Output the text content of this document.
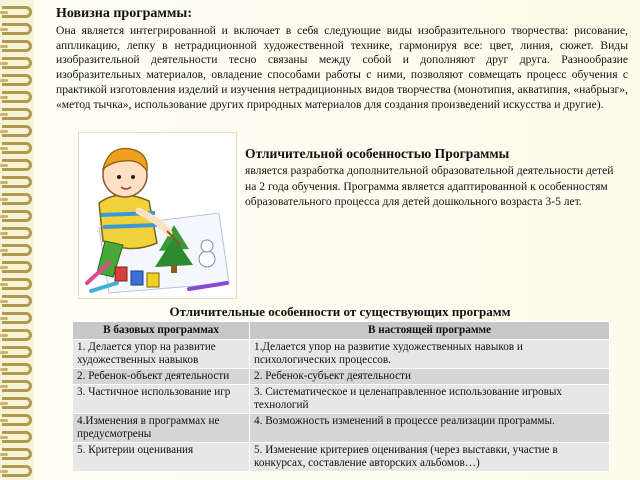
Новизна программы:

Она является интегрированной и включает в себя следующие виды изобразительного творчества: рисование, аппликацию, лепку в нетрадиционной художественной технике, гармонируя все: цвет, линия, сюжет. Виды изобразительной деятельности тесно связаны между собой и дополняют друг друга. Разнообразие изобразительных материалов, овладение способами работы с ними, позволяют совмещать процесс обучения с практикой изготовления изделий и изучения нетрадиционных видов творчества (монотипия, акватипия, «набрызг», «метод тычка», использование других природных материалов для создания произведений искусства и другие).

Отличительной особенностью Программы

является разработка дополнительной образовательной деятельности детей на 2 года обучения. Программа является адаптированной к особенностям образовательного процесса для детей дошкольного возраста 3-5 лет.

Отличительные особенности от существующих программ
В базовых программах	В настоящей программе
1. Делается упор на развитие художественных навыков	1.Делается упор на развитие художественных навыков и психологических процессов.
2. Ребенок-объект деятельности	2. Ребенок-субъект деятельности
3. Частичное использование игр	3. Систематическое и целенаправленное использование игровых технологий
4.Изменения в программах не предусмотрены	4. Возможность изменений в процессе реализации программы.
5. Критерии оценивания	5. Изменение критериев оценивания (через выставки, участие в конкурсах, составление авторских альбомов…)
